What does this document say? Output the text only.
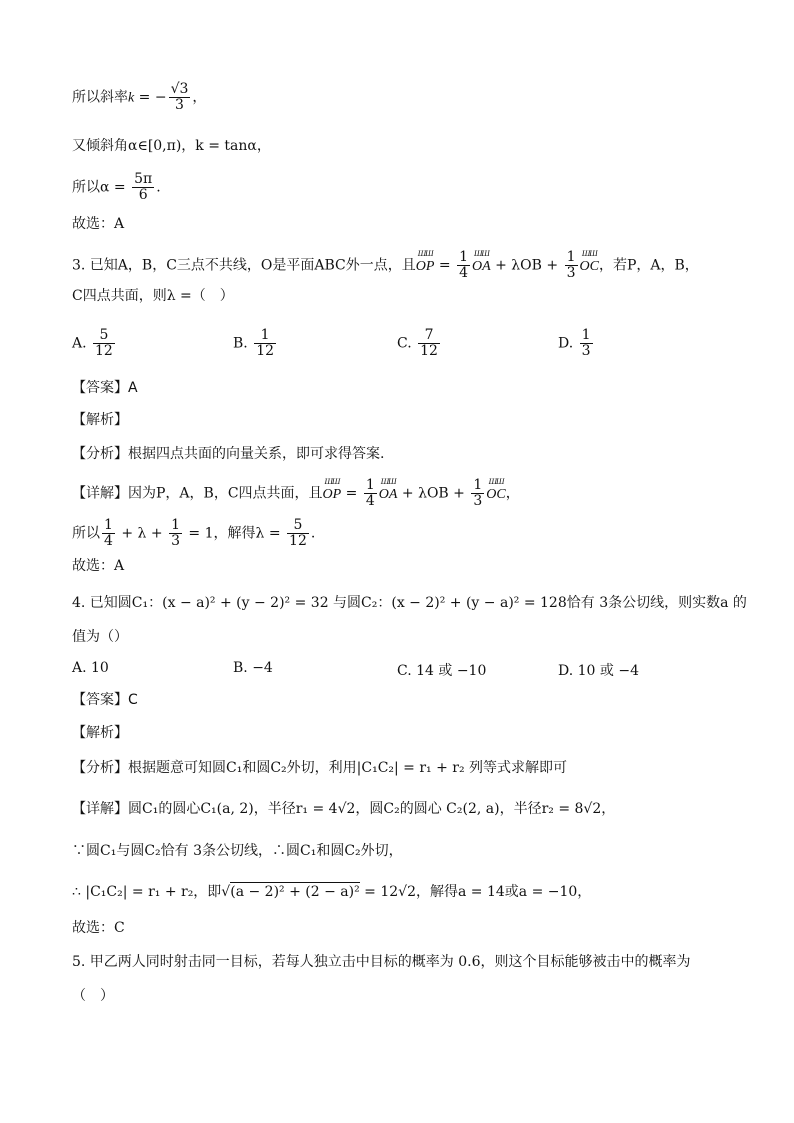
所以斜率k = − $\frac{√3}{3}$ ，
又倾斜角α∈[0,π)，k = tanα，
所以$\alpha = \frac{5\pi}{6}$ .
故选：A
3. 已知A，B，C三点不共线，O是平面ABC外一点，且
ШШ
OP = $\frac{1}{4}$ ШШ
OA + $\lambda OB + \frac{1}{3}$ ШШ
OC，若P，A，B，
C四点共面，则λ =（　）
A. $\frac{5}{12}$	B. $\frac{1}{12}$	C. $\frac{7}{12}$	D. $\frac{1}{3}$
【答案】A
【解析】
【分析】根据四点共面的向量关系，即可求得答案.
【详解】因为P，A，B，C四点共面，且
ШШ
OP = $\frac{1}{4}$ ШШ
OA + $\lambda OB + \frac{1}{3}$ ШШ
OC，
所以 $\frac{1}{4} + \lambda + \frac{1}{3} = 1$，解得$\lambda = \frac{5}{12}$ .
故选：A
4. 已知圆C₁：(x − a)² + (y − 2)² = 32 与圆C₂：(x − 2)² + (y − a)² = 128恰有 3条公切线，则实数a 的
值为（）
A. 10	B. −4	C. 14 或 −10	D. 10 或 −4
【答案】C
【解析】
【分析】根据题意可知圆C₁和圆C₂外切，利用|C₁C₂| = r₁ + r₂ 列等式求解即可
【详解】圆C₁的圆心C₁(a, 2)，半径r₁ = 4√2，圆C₂的圆心 C₂(2, a)，半径r₂ = 8√2，
∵圆C₁与圆C₂恰有 3条公切线，∴圆C₁和圆C₂外切，
∴ |C₁C₂| = r₁ + r₂，即√(a − 2)² + (2 − a)² = 12√2，解得a = 14或a = −10，
故选：C
5. 甲乙两人同时射击同一目标，若每人独立击中目标的概率为 0.6，则这个目标能够被击中的概率为
（　）
